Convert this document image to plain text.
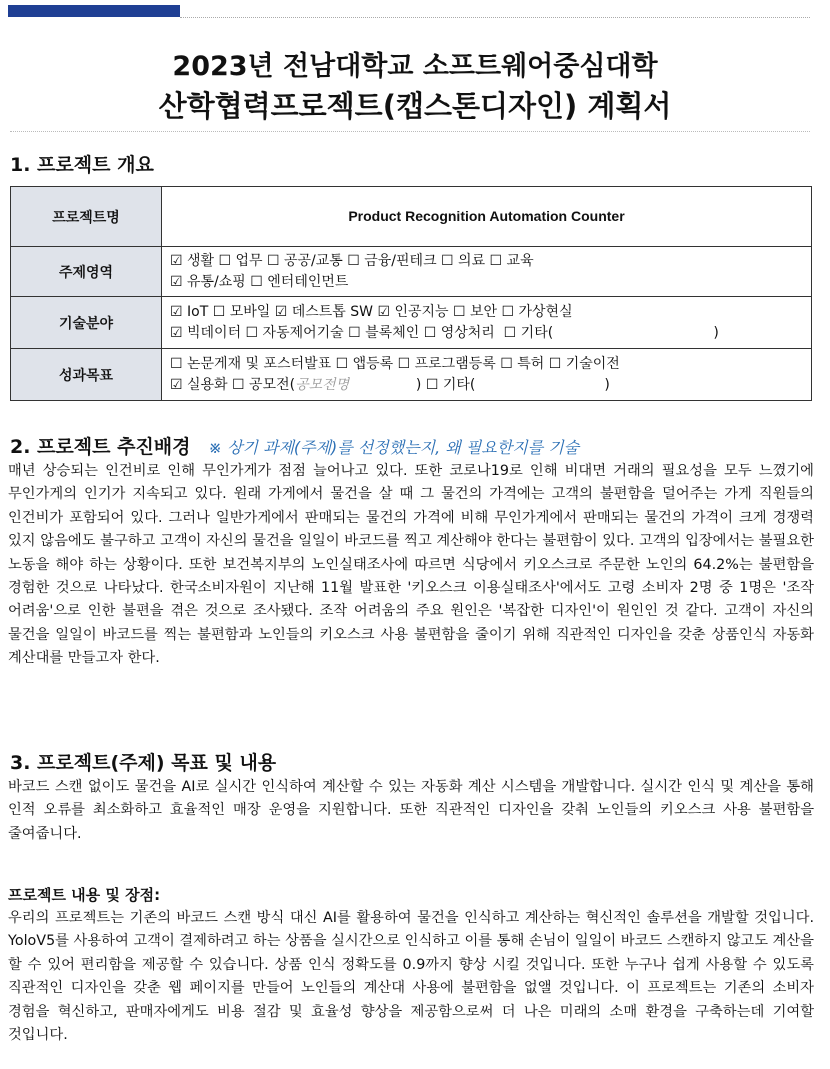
2023년 전남대학교 소프트웨어중심대학
산학협력프로젝트(캡스톤디자인) 계획서
1. 프로젝트 개요
프로젝트명	Product Recognition Automation Counter
주제영역	☑ 생활 ☐ 업무 ☐ 공공/교통 ☐ 금융/핀테크 ☐ 의료 ☐ 교육
☑ 유통/쇼핑 ☐ 엔터테인먼트

기술분야	☑ IoT ☐ 모바일 ☑ 데스트톱 SW ☑ 인공지능 ☐ 보안 ☐ 가상현실
☑ 빅데이터 ☐ 자동제어기술 ☐ 블록체인 ☐ 영상처리  ☐ 기타(                                    )

성과목표	☐ 논문게재 및 포스터발표 ☐ 앱등록 ☐ 프로그램등록 ☐ 특허 ☐ 기술이전
☑ 실용화 ☐ 공모전(공모전명               ) ☐ 기타(                             )
2. 프로젝트 추진배경 ※ 상기 과제(주제)를 선정했는지, 왜 필요한지를 기술
매년 상승되는 인건비로 인해 무인가게가 점점 늘어나고 있다. 또한 코로나19로 인해 비대면 거래의 필요성을 모두 느꼈기에 무인가게의 인기가 지속되고 있다. 원래 가게에서 물건을 살 때 그 물건의 가격에는 고객의 불편함을 덜어주는 가게 직원들의 인건비가 포함되어 있다. 그러나 일반가게에서 판매되는 물건의 가격에 비해 무인가게에서 판매되는 물건의 가격이 크게 경쟁력 있지 않음에도 불구하고 고객이 자신의 물건을 일일이 바코드를 찍고 계산해야 한다는 불편함이 있다. 고객의 입장에서는 불필요한 노동을 해야 하는 상황이다. 또한 보건복지부의 노인실태조사에 따르면 식당에서 키오스크로 주문한 노인의 64.2%는 불편함을 경험한 것으로 나타났다. 한국소비자원이 지난해 11월 발표한 '키오스크 이용실태조사'에서도 고령 소비자 2명 중 1명은 '조작 어려움'으로 인한 불편을 겪은 것으로 조사됐다. 조작 어려움의 주요 원인은 '복잡한 디자인'이 원인인 것 같다. 고객이 자신의 물건을 일일이 바코드를 찍는 불편함과 노인들의 키오스크 사용 불편함을 줄이기 위해 직관적인 디자인을 갖춘 상품인식 자동화 계산대를 만들고자 한다.
3. 프로젝트(주제) 목표 및 내용
바코드 스캔 없이도 물건을 AI로 실시간 인식하여 계산할 수 있는 자동화 계산 시스템을 개발합니다. 실시간 인식 및 계산을 통해 인적 오류를 최소화하고 효율적인 매장 운영을 지원합니다. 또한 직관적인 디자인을 갖춰 노인들의 키오스크 사용 불편함을 줄여줍니다.
프로젝트 내용 및 장점:
우리의 프로젝트는 기존의 바코드 스캔 방식 대신 AI를 활용하여 물건을 인식하고 계산하는 혁신적인 솔루션을 개발할 것입니다. YoloV5를 사용하여 고객이 결제하려고 하는 상품을 실시간으로 인식하고 이를 통해 손님이 일일이 바코드 스캔하지 않고도 계산을 할 수 있어 편리함을 제공할 수 있습니다. 상품 인식 정확도를 0.9까지 향상 시킬 것입니다. 또한 누구나 쉽게 사용할 수 있도록 직관적인 디자인을 갖춘 웹 페이지를 만들어 노인들의 계산대 사용에 불편함을 없앨 것입니다. 이 프로젝트는 기존의 소비자 경험을 혁신하고, 판매자에게도 비용 절감 및 효율성 향상을 제공함으로써 더 나은 미래의 소매 환경을 구축하는데 기여할 것입니다.
